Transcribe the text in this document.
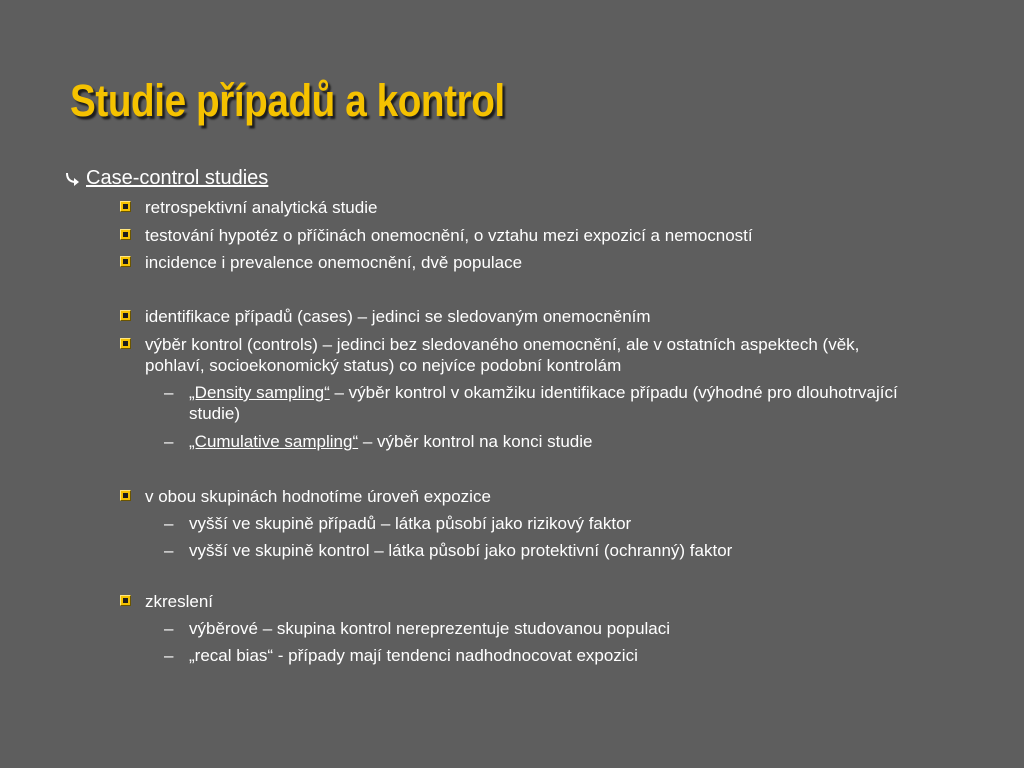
Studie případů a kontrol
Case-control studies
retrospektivní analytická studie
testování hypotéz o příčinách onemocnění, o vztahu mezi expozicí a nemocností
incidence i prevalence onemocnění, dvě populace
identifikace případů (cases) – jedinci se sledovaným onemocněním
výběr kontrol (controls) – jedinci bez sledovaného onemocnění, ale v ostatních aspektech (věk,
pohlaví, socioekonomický status) co nejvíce podobní kontrolám
– „Density sampling“ – výběr kontrol v okamžiku identifikace případu (výhodné pro dlouhotrvající
studie)
– „Cumulative sampling“ – výběr kontrol na konci studie
v obou skupinách hodnotíme úroveň expozice
– vyšší ve skupině případů – látka působí jako rizikový faktor
– vyšší ve skupině kontrol – látka působí jako protektivní (ochranný) faktor
zkreslení
– výběrové – skupina kontrol nereprezentuje studovanou populaci
– „recal bias“ - případy mají tendenci nadhodnocovat expozici
